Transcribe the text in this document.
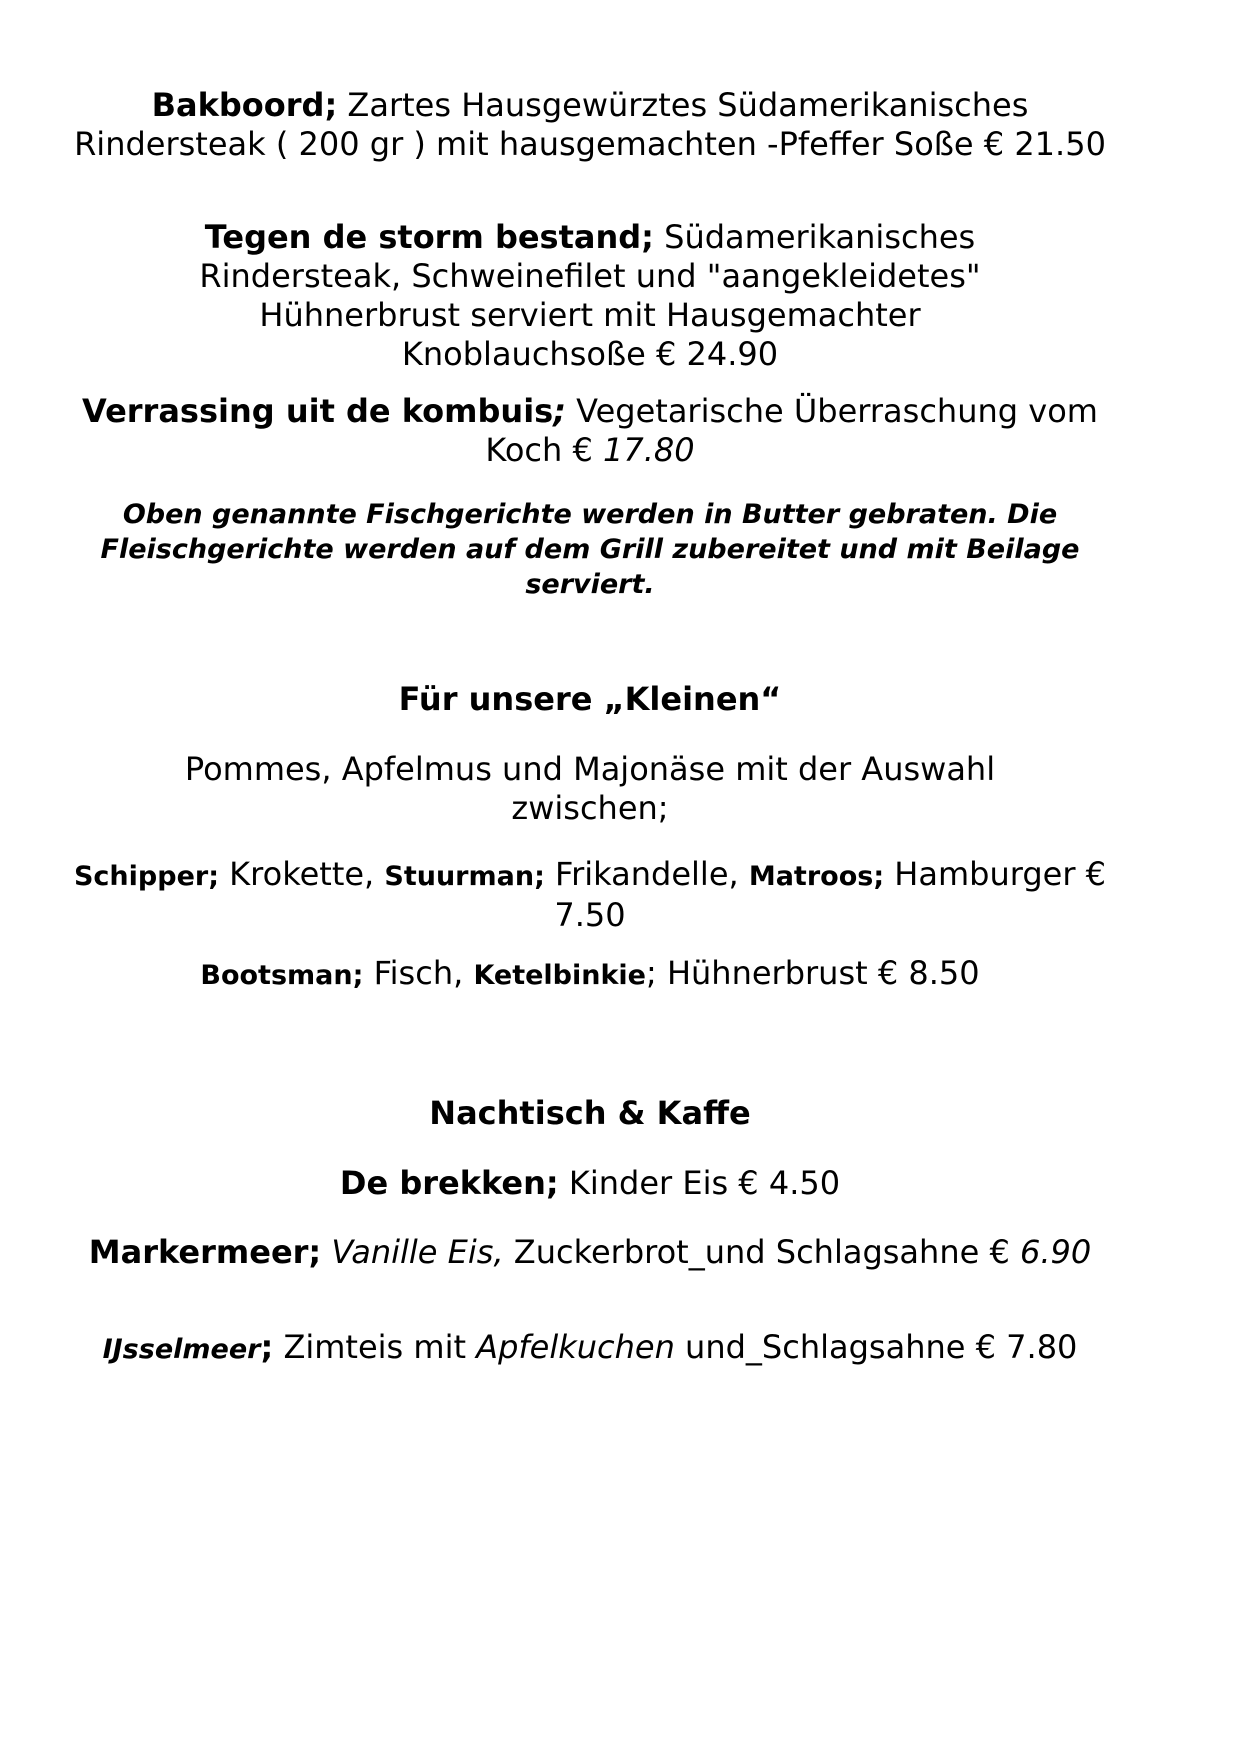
Bakboord; Zartes Hausgewürztes Südamerikanisches Rindersteak ( 200 gr ) mit hausgemachten -Pfeffer Soße € 21.50
Tegen de storm bestand; Südamerikanisches Rindersteak, Schweinefilet und "aangekleidetes" Hühnerbrust serviert mit Hausgemachter Knoblauchsoße € 24.90
Verrassing uit de kombuis; Vegetarische Überraschung vom Koch € 17.80
Oben genannte Fischgerichte werden in Butter gebraten. Die Fleischgerichte werden auf dem Grill zubereitet und mit Beilage serviert.
Für unsere „Kleinen“
Pommes, Apfelmus und Majonäse mit der Auswahl zwischen;
Schipper; Krokette, Stuurman; Frikandelle, Matroos; Hamburger € 7.50
Bootsman; Fisch, Ketelbinkie; Hühnerbrust € 8.50
Nachtisch & Kaffe
De brekken; Kinder Eis € 4.50
Markermeer; Vanille Eis, Zuckerbrot_und Schlagsahne € 6.90
IJsselmeer; Zimteis mit Apfelkuchen und_Schlagsahne € 7.80
